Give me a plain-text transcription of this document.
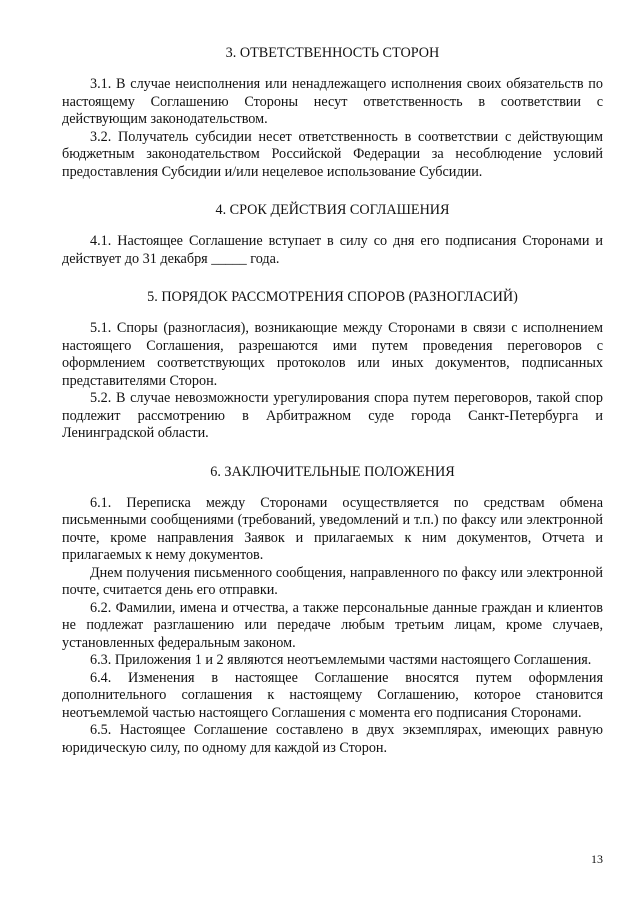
3. ОТВЕТСТВЕННОСТЬ СТОРОН

3.1. В случае неисполнения или ненадлежащего исполнения своих обязательств по настоящему Соглашению Стороны несут ответственность в соответствии с действующим законодательством.

3.2. Получатель субсидии несет ответственность в соответствии с действующим бюджетным законодательством Российской Федерации за несоблюдение условий предоставления Субсидии и/или нецелевое использование Субсидии.

4. СРОК ДЕЙСТВИЯ СОГЛАШЕНИЯ

4.1. Настоящее Соглашение вступает в силу со дня его подписания Сторонами и действует до 31 декабря _____ года.

5. ПОРЯДОК РАССМОТРЕНИЯ СПОРОВ (РАЗНОГЛАСИЙ)

5.1. Споры (разногласия), возникающие между Сторонами в связи с исполнением настоящего Соглашения, разрешаются ими путем проведения переговоров с оформлением соответствующих протоколов или иных документов, подписанных представителями Сторон.

5.2. В случае невозможности урегулирования спора путем переговоров, такой спор подлежит рассмотрению в Арбитражном суде города Санкт-Петербурга и Ленинградской области.

6. ЗАКЛЮЧИТЕЛЬНЫЕ ПОЛОЖЕНИЯ

6.1. Переписка между Сторонами осуществляется по средствам обмена письменными сообщениями (требований, уведомлений и т.п.) по факсу или электронной почте, кроме направления Заявок и прилагаемых к ним документов, Отчета и прилагаемых к нему документов.

Днем получения письменного сообщения, направленного по факсу или электронной почте, считается день его отправки.

6.2. Фамилии, имена и отчества, а также персональные данные граждан и клиентов не подлежат разглашению или передаче любым третьим лицам, кроме случаев, установленных федеральным законом.

6.3. Приложения 1 и 2 являются неотъемлемыми частями настоящего Соглашения.

6.4. Изменения в настоящее Соглашение вносятся путем оформления дополнительного соглашения к настоящему Соглашению, которое становится неотъемлемой частью настоящего Соглашения с момента его подписания Сторонами.

6.5. Настоящее Соглашение составлено в двух экземплярах, имеющих равную юридическую силу, по одному для каждой из Сторон.

13
